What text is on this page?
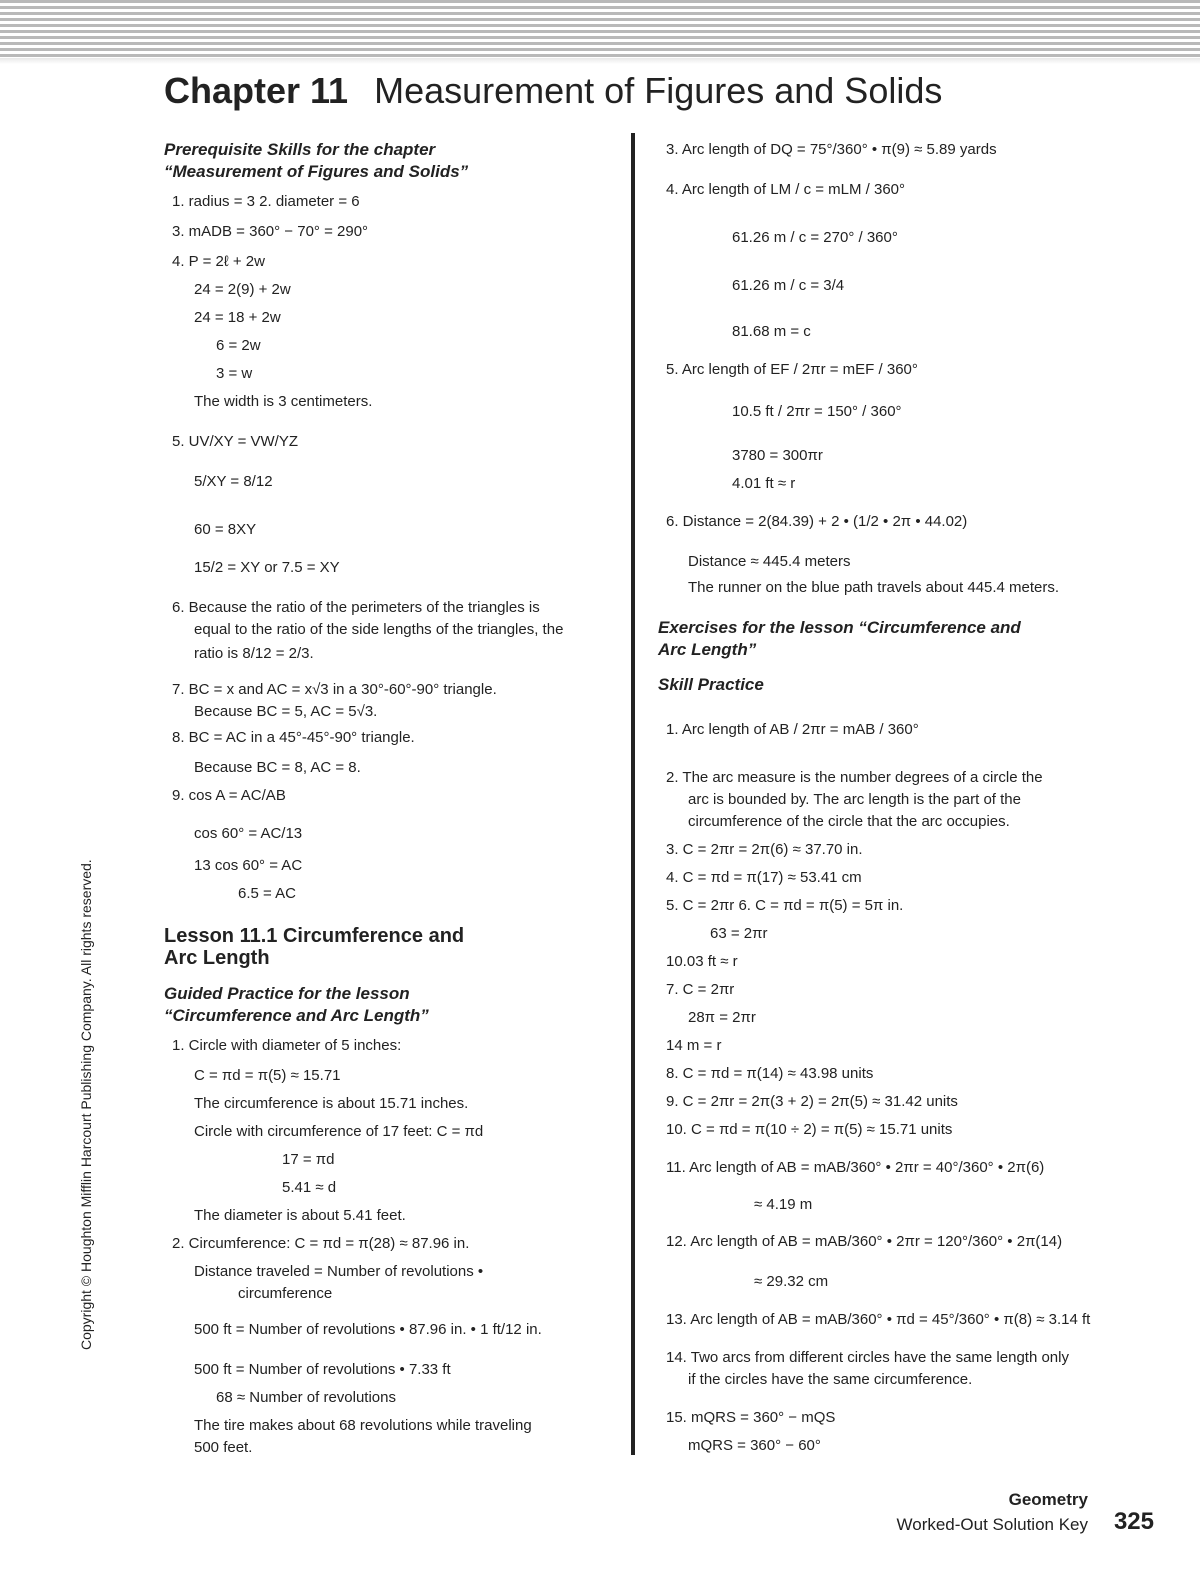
Chapter 11 Measurement of Figures and Solids
Prerequisite Skills for the chapter
“Measurement of Figures and Solids”
1. radius = 3 2. diameter = 6
3. mADB = 360° − 70° = 290°
4. P = 2ℓ + 2w
24 = 2(9) + 2w
24 = 18 + 2w
6 = 2w
3 = w
The width is 3 centimeters.
5. UV/XY = VW/YZ
5/XY = 8/12
60 = 8XY
15/2 = XY or 7.5 = XY
6. Because the ratio of the perimeters of the triangles is
equal to the ratio of the side lengths of the triangles, the
ratio is 8/12 = 2/3.
7. BC = x and AC = x√3 in a 30°-60°-90° triangle.
Because BC = 5, AC = 5√3.
8. BC = AC in a 45°-45°-90° triangle.
Because BC = 8, AC = 8.
9. cos A = AC/AB
cos 60° = AC/13
13 cos 60° = AC
6.5 = AC
Lesson 11.1 Circumference and
Arc Length
Guided Practice for the lesson
“Circumference and Arc Length”
1. Circle with diameter of 5 inches:
C = πd = π(5) ≈ 15.71
The circumference is about 15.71 inches.
Circle with circumference of 17 feet: C = πd
17 = πd
5.41 ≈ d
The diameter is about 5.41 feet.
2. Circumference: C = πd = π(28) ≈ 87.96 in.
Distance traveled = Number of revolutions •
circumference
500 ft = Number of revolutions • 87.96 in. • 1 ft/12 in.
500 ft = Number of revolutions • 7.33 ft
68 ≈ Number of revolutions
The tire makes about 68 revolutions while traveling
500 feet.
3. Arc length of DQ = 75°/360° • π(9) ≈ 5.89 yards
4. Arc length of LM / c = mLM / 360°
61.26 m / c = 270° / 360°
61.26 m / c = 3/4
81.68 m = c
5. Arc length of EF / 2πr = mEF / 360°
10.5 ft / 2πr = 150° / 360°
3780 = 300πr
4.01 ft ≈ r
6. Distance = 2(84.39) + 2 • (1/2 • 2π • 44.02)
Distance ≈ 445.4 meters
The runner on the blue path travels about 445.4 meters.
Exercises for the lesson “Circumference and
Arc Length”
Skill Practice
1. Arc length of AB / 2πr = mAB / 360°
2. The arc measure is the number degrees of a circle the
arc is bounded by. The arc length is the part of the
circumference of the circle that the arc occupies.
3. C = 2πr = 2π(6) ≈ 37.70 in.
4. C = πd = π(17) ≈ 53.41 cm
5. C = 2πr 6. C = πd = π(5) = 5π in.
63 = 2πr
10.03 ft ≈ r
7. C = 2πr
28π = 2πr
14 m = r
8. C = πd = π(14) ≈ 43.98 units
9. C = 2πr = 2π(3 + 2) = 2π(5) ≈ 31.42 units
10. C = πd = π(10 ÷ 2) = π(5) ≈ 15.71 units
11. Arc length of AB = mAB/360° • 2πr = 40°/360° • 2π(6)
≈ 4.19 m
12. Arc length of AB = mAB/360° • 2πr = 120°/360° • 2π(14)
≈ 29.32 cm
13. Arc length of AB = mAB/360° • πd = 45°/360° • π(8) ≈ 3.14 ft
14. Two arcs from different circles have the same length only
if the circles have the same circumference.
15. mQRS = 360° − mQS
mQRS = 360° − 60°
Copyright © Houghton Mifflin Harcourt Publishing Company. All rights reserved.
Geometry
Worked-Out Solution Key 325
